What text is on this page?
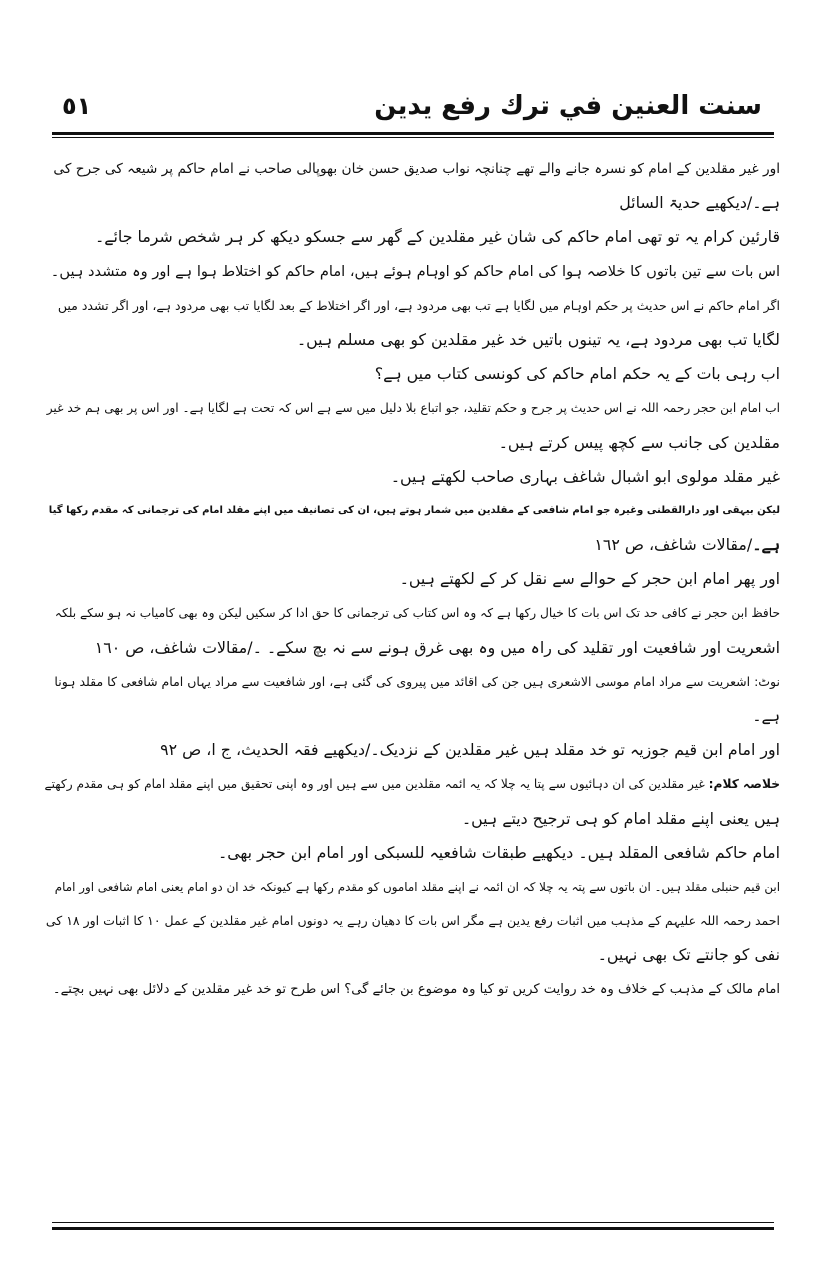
٥١	سنت العنين في ترك رفع يدين
اور غیر مقلدین کے امام کو نسرہ جانے والے تھے چنانچہ نواب صدیق حسن خان بھوپالی صاحب نے امام حاکم پر شیعہ کی جرح کی
ہے۔/دیکھیے حدیۃ السائل
قارئین کرام یہ تو تھی امام حاکم کی شان غیر مقلدین کے گھر سے جسکو دیکھ کر ہر شخص شرما جائے۔
اس بات سے تین باتوں کا خلاصہ ہوا کی امام حاکم کو اوہام ہوئے ہیں، امام حاکم کو اختلاط ہوا ہے اور وہ متشدد ہیں۔
اگر امام حاکم نے اس حدیث پر حکم اوہام میں لگایا ہے تب بھی مردود ہے، اور اگر اختلاط کے بعد لگایا تب بھی مردود ہے، اور اگر تشدد میں
لگایا تب بھی مردود ہے، یہ تینوں باتیں خد غیر مقلدین کو بھی مسلم ہیں۔
اب رہی بات کے یہ حکم امام حاکم کی کونسی کتاب میں ہے؟
اب امام ابن حجر رحمہ اللہ نے اس حدیث پر جرح و حکم تقلید، جو اتباع بلا دلیل میں سے ہے اس کہ تحت ہے لگایا ہے۔ اور اس پر بھی ہم خد غیر
مقلدین کی جانب سے کچھ پیس کرتے ہیں۔
غیر مقلد مولوی ابو اشبال شاغف بہاری صاحب لکھتے ہیں۔
لیکن بیہقی اور دارالقطنی وغیرہ جو امام شافعی کے مقلدین میں شمار ہوتے ہیں، ان کی تصانیف میں اپنے مقلد امام کی ترجمانی کہ مقدم رکھا گیا
ہے۔/مقالات شاغف، ص ١٦٢
اور پھر امام ابن حجر کے حوالے سے نقل کر کے لکھتے ہیں۔
حافظ ابن حجر نے کافی حد تک اس بات کا خیال رکھا ہے کہ وہ اس کتاب کی ترجمانی کا حق ادا کر سکیں لیکن وہ بھی کامیاب نہ ہو سکے بلکہ
اشعریت اور شافعیت اور تقلید کی راہ میں وہ بھی غرق ہونے سے نہ بچ سکے۔ ۔/مقالات شاغف، ص ١٦٠
نوٹ: اشعریت سے مراد امام موسی الاشعری ہیں جن کی اقائد میں پیروی کی گئی ہے، اور شافعیت سے مراد یہاں امام شافعی کا مقلد ہونا
ہے۔
اور امام ابن قیم جوزیہ تو خد مقلد ہیں غیر مقلدین کے نزدیک۔/دیکھیے فقہ الحدیث، ج ا، ص ٩٢
خلاصہ کلام: غیر مقلدین کی ان دہائیوں سے پتا یہ چلا کہ یہ ائمہ مقلدین میں سے ہیں اور وہ اپنی تحقیق میں اپنے مقلد امام کو ہی مقدم رکھتے
ہیں یعنی اپنے مقلد امام کو ہی ترجیح دیتے ہیں۔
امام حاکم شافعی المقلد ہیں۔ دیکھیے طبقات شافعیہ للسبکی اور امام ابن حجر بھی۔
ابن قیم حنبلی مقلد ہیں۔ ان باتوں سے پتہ یہ چلا کہ ان ائمہ نے اپنے مقلد اماموں کو مقدم رکھا ہے کیونکہ خد ان دو امام یعنی امام شافعی اور امام
احمد رحمہ اللہ علیہم کے مذہب میں اثبات رفع یدین ہے مگر اس بات کا دھیان رہے یہ دونوں امام غیر مقلدین کے عمل ١٠ کا اثبات اور ١٨ کی
نفی کو جانتے تک بھی نہیں۔
امام مالک کے مذہب کے خلاف وہ خد روایت کریں تو کیا وہ موضوع بن جائے گی؟ اس طرح تو خد غیر مقلدین کے دلائل بھی نہیں بچتے۔
